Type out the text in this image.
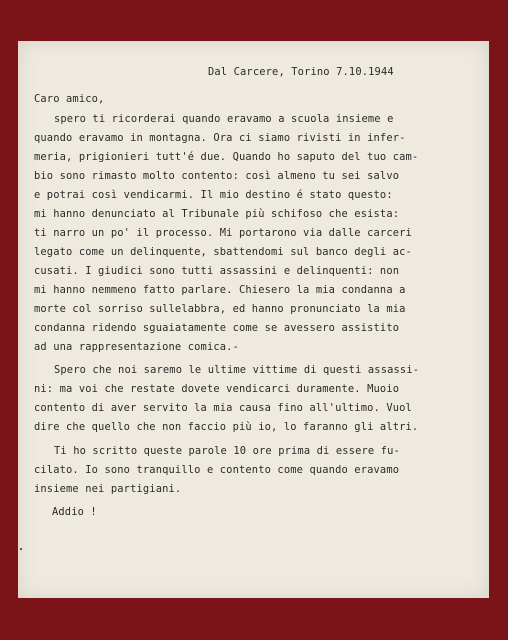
Dal Carcere, Torino 7.10.1944
Caro amico,
spero ti ricorderai quando eravamo a scuola insieme e
quando eravamo in montagna. Ora ci siamo rivisti in infer-
meria, prigionieri tutt'é due. Quando ho saputo del tuo cam-
bio sono rimasto molto contento: così almeno tu sei salvo
e potrai così vendicarmi. Il mio destino é stato questo:
mi hanno denunciato al Tribunale più schifoso che esista:
ti narro un po' il processo. Mi portarono via dalle carceri
legato come un delinquente, sbattendomi sul banco degli ac-
cusati. I giudici sono tutti assassini e delinquenti: non
mi hanno nemmeno fatto parlare. Chiesero la mia condanna a
morte col sorriso sullelabbra, ed hanno pronunciato la mia
condanna ridendo sguaiatamente come se avessero assistito
ad una rappresentazione comica.-
Spero che noi saremo le ultime vittime di questi assassi-
ni: ma voi che restate dovete vendicarci duramente. Muoio
contento di aver servito la mia causa fino all'ultimo. Vuol
dire che quello che non faccio più io, lo faranno gli altri.
Ti ho scritto queste parole 10 ore prima di essere fu-
cilato. Io sono tranquillo e contento come quando eravamo
insieme nei partigiani.
Addio !
